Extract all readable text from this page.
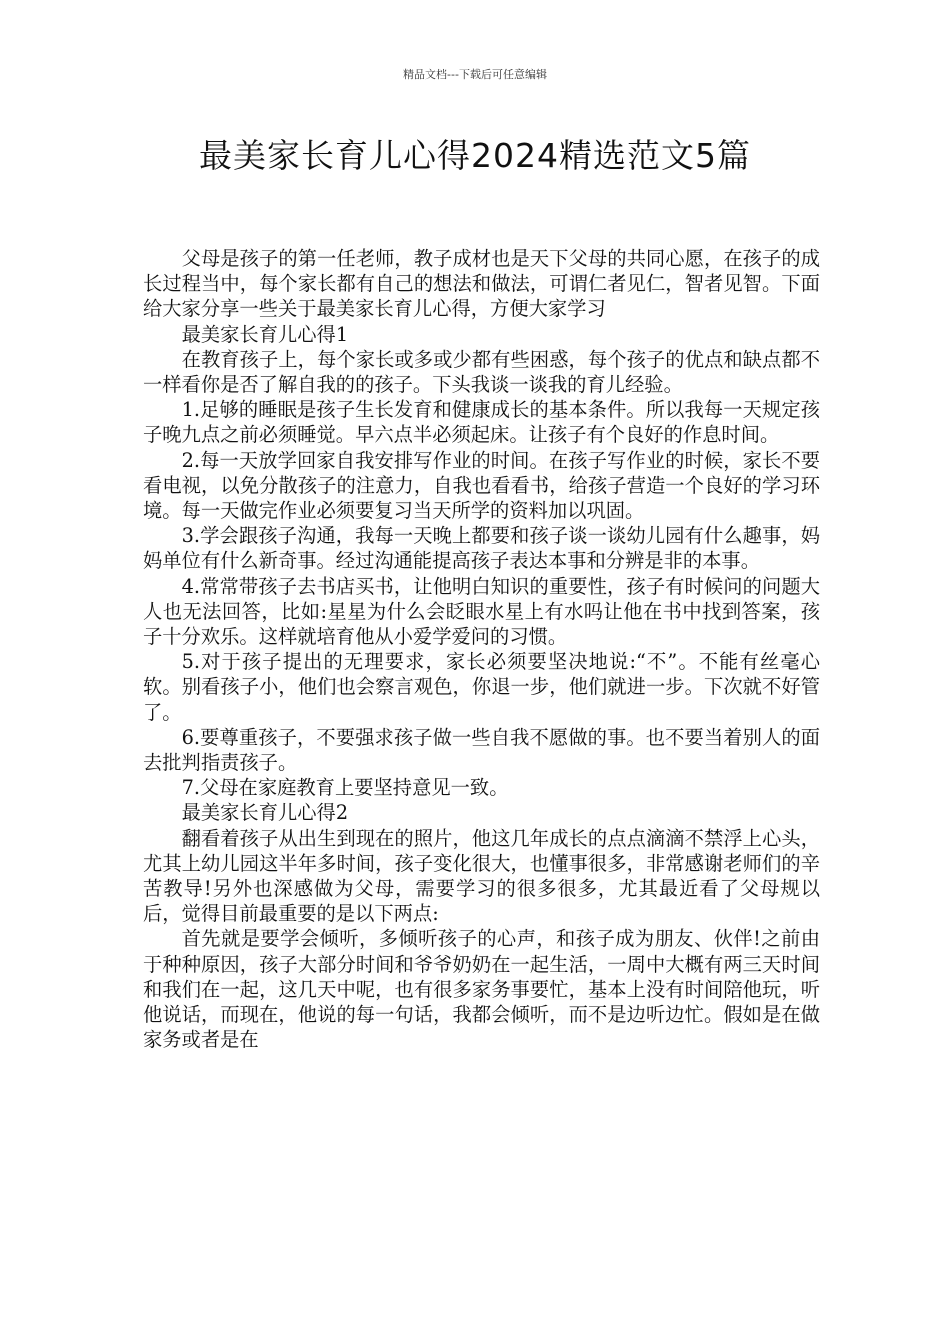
精品文档---下载后可任意编辑
最美家长育儿心得2024精选范文5篇

父母是孩子的第一任老师，教子成材也是天下父母的共同心愿，在孩子的成长过程当中，每个家长都有自己的想法和做法，可谓仁者见仁，智者见智。下面给大家分享一些关于最美家长育儿心得，方便大家学习

最美家长育儿心得1

在教育孩子上，每个家长或多或少都有些困惑，每个孩子的优点和缺点都不一样看你是否了解自我的的孩子。下头我谈一谈我的育儿经验。

1.足够的睡眠是孩子生长发育和健康成长的基本条件。所以我每一天规定孩子晚九点之前必须睡觉。早六点半必须起床。让孩子有个良好的作息时间。

2.每一天放学回家自我安排写作业的时间。在孩子写作业的时候，家长不要看电视，以免分散孩子的注意力，自我也看看书，给孩子营造一个良好的学习环境。每一天做完作业必须要复习当天所学的资料加以巩固。

3.学会跟孩子沟通，我每一天晚上都要和孩子谈一谈幼儿园有什么趣事，妈妈单位有什么新奇事。经过沟通能提高孩子表达本事和分辨是非的本事。

4.常常带孩子去书店买书，让他明白知识的重要性，孩子有时候问的问题大人也无法回答，比如:星星为什么会眨眼水星上有水吗让他在书中找到答案，孩子十分欢乐。这样就培育他从小爱学爱问的习惯。

5.对于孩子提出的无理要求，家长必须要坚决地说:“不”。不能有丝毫心软。别看孩子小，他们也会察言观色，你退一步，他们就进一步。下次就不好管了。

6.要尊重孩子，不要强求孩子做一些自我不愿做的事。也不要当着别人的面去批判指责孩子。

7.父母在家庭教育上要坚持意见一致。

最美家长育儿心得2

翻看着孩子从出生到现在的照片，他这几年成长的点点滴滴不禁浮上心头，尤其上幼儿园这半年多时间，孩子变化很大，也懂事很多，非常感谢老师们的辛苦教导!另外也深感做为父母，需要学习的很多很多，尤其最近看了父母规以后，觉得目前最重要的是以下两点:

首先就是要学会倾听，多倾听孩子的心声，和孩子成为朋友、伙伴!之前由于种种原因，孩子大部分时间和爷爷奶奶在一起生活，一周中大概有两三天时间和我们在一起，这几天中呢，也有很多家务事要忙，基本上没有时间陪他玩，听他说话，而现在，他说的每一句话，我都会倾听，而不是边听边忙。假如是在做家务或者是在
